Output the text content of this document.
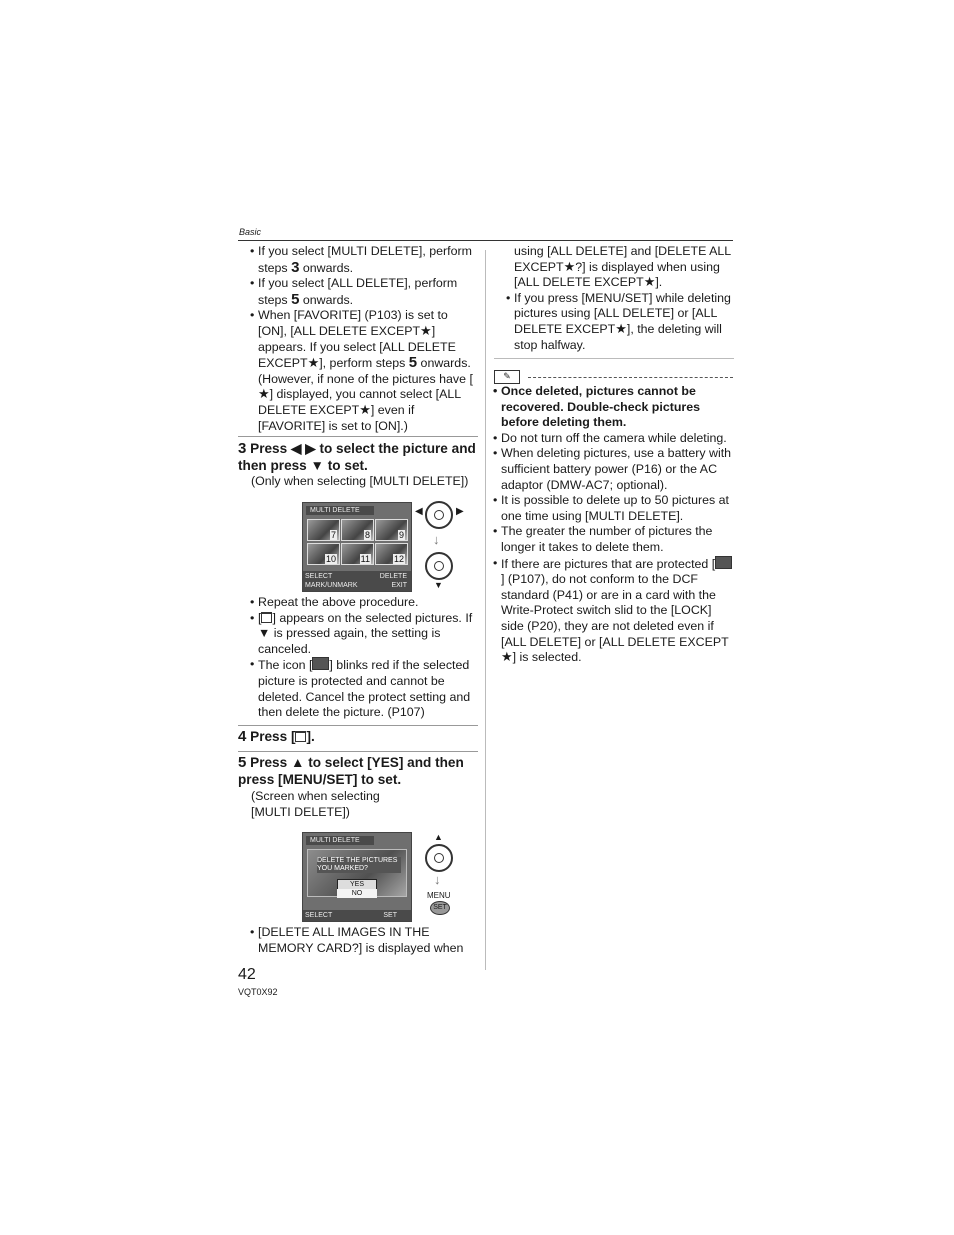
Basic
• If you select [MULTI DELETE], perform steps 3 onwards.
• If you select [ALL DELETE], perform steps 5 onwards.
• When [FAVORITE] (P103) is set to [ON], [ALL DELETE EXCEPT★] appears. If you select [ALL DELETE EXCEPT★], perform steps 5 onwards. (However, if none of the pictures have [★] displayed, you cannot select [ALL DELETE EXCEPT★] even if [FAVORITE] is set to [ON].)
3 Press ◀ ▶ to select the picture and then press ▼ to set.
(Only when selecting [MULTI DELETE])
MULTI DELETE
7	8	9
10	11	12
SELECT
MARK/UNMARK
DELETE
EXIT
◀	▶
↓
▼
• Repeat the above procedure.
• [ ] appears on the selected pictures. If ▼ is pressed again, the setting is canceled.
• The icon [ ] blinks red if the selected picture is protected and cannot be deleted. Cancel the protect setting and then delete the picture. (P107)
4 Press [ ].
5 Press ▲ to select [YES] and then press [MENU/SET] to set.
(Screen when selecting [MULTI DELETE])
MULTI DELETE
DELETE THE PICTURES YOU MARKED?
YES
NO
SELECT	SET
▲
↓
MENU
SET
• [DELETE ALL IMAGES IN THE MEMORY CARD?] is displayed when
using [ALL DELETE] and [DELETE ALL EXCEPT★?] is displayed when using [ALL DELETE EXCEPT★].
• If you press [MENU/SET] while deleting pictures using [ALL DELETE] or [ALL DELETE EXCEPT★], the deleting will stop halfway.
✎
• Once deleted, pictures cannot be recovered. Double-check pictures before deleting them.
• Do not turn off the camera while deleting.
• When deleting pictures, use a battery with sufficient battery power (P16) or the AC adaptor (DMW-AC7; optional).
• It is possible to delete up to 50 pictures at one time using [MULTI DELETE].
• The greater the number of pictures the longer it takes to delete them.
• If there are pictures that are protected [] (P107), do not conform to the DCF standard (P41) or are in a card with the Write-Protect switch slid to the [LOCK] side (P20), they are not deleted even if [ALL DELETE] or [ALL DELETE EXCEPT★] is selected.
42
VQT0X92
